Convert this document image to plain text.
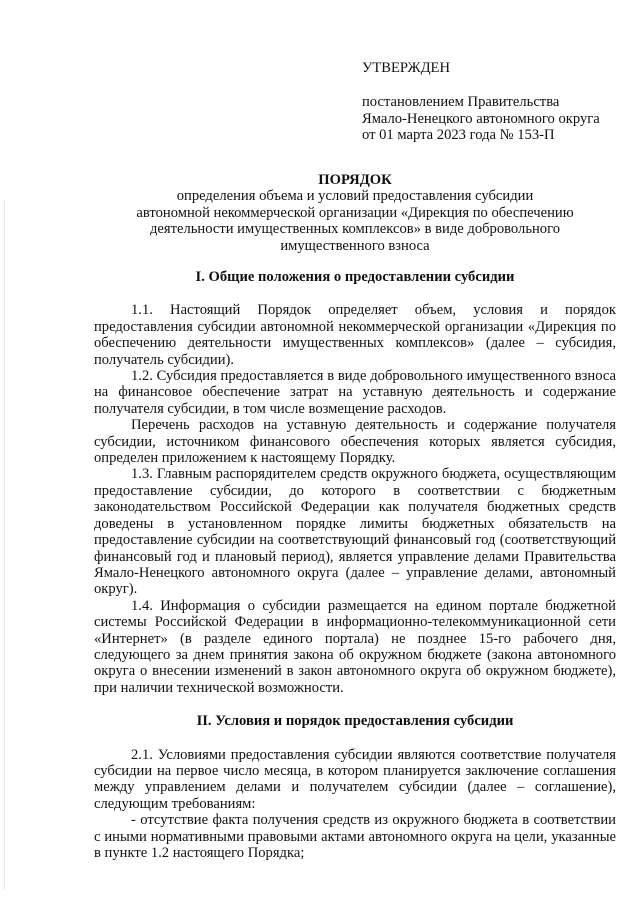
УТВЕРЖДЕН

постановлением Правительства

Ямало-Ненецкого автономного округа

от 01 марта 2023 года № 153-П

ПОРЯДОК

определения объема и условий предоставления субсидии

автономной некоммерческой организации «Дирекция по обеспечению

деятельности имущественных комплексов» в виде добровольного

имущественного взноса

I. Общие положения о предоставлении субсидии

1.1. Настоящий Порядок определяет объем, условия и порядок предоставления субсидии автономной некоммерческой организации «Дирекция по обеспечению деятельности имущественных комплексов» (далее – субсидия, получатель субсидии).

1.2. Субсидия предоставляется в виде добровольного имущественного взноса на финансовое обеспечение затрат на уставную деятельность и содержание получателя субсидии, в том числе возмещение расходов.

Перечень расходов на уставную деятельность и содержание получателя субсидии, источником финансового обеспечения которых является субсидия, определен приложением к настоящему Порядку.

1.3. Главным распорядителем средств окружного бюджета, осуществляющим предоставление субсидии, до которого в соответствии с бюджетным законодательством Российской Федерации как получателя бюджетных средств доведены в установленном порядке лимиты бюджетных обязательств на предоставление субсидии на соответствующий финансовый год (соответствующий финансовый год и плановый период), является управление делами Правительства Ямало-Ненецкого автономного округа (далее – управление делами, автономный округ).

1.4. Информация о субсидии размещается на едином портале бюджетной системы Российской Федерации в информационно-телекоммуникационной сети «Интернет» (в разделе единого портала) не позднее 15-го рабочего дня, следующего за днем принятия закона об окружном бюджете (закона автономного округа о внесении изменений в закон автономного округа об окружном бюджете), при наличии технической возможности.

II. Условия и порядок предоставления субсидии

2.1. Условиями предоставления субсидии являются соответствие получателя субсидии на первое число месяца, в котором планируется заключение соглашения между управлением делами и получателем субсидии (далее – соглашение), следующим требованиям:

- отсутствие факта получения средств из окружного бюджета в соответствии с иными нормативными правовыми актами автономного округа на цели, указанные в пункте 1.2 настоящего Порядка;
